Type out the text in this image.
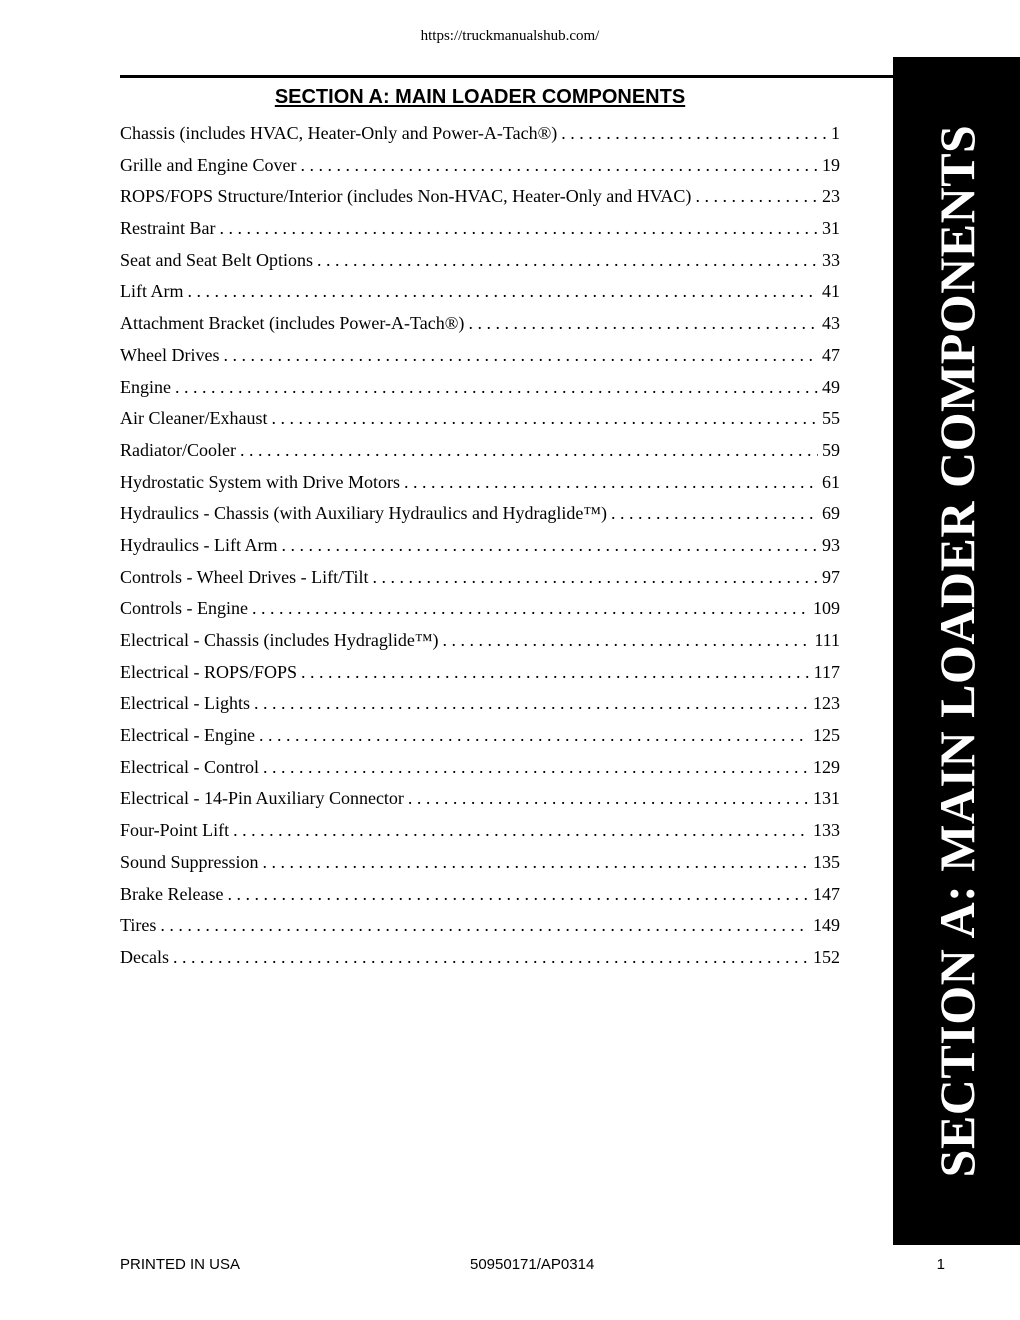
https://truckmanualshub.com/
SECTION A: MAIN LOADER COMPONENTS
Chassis (includes HVAC, Heater-Only and Power-A-Tach®) . . .	1
Grille and Engine Cover . . .	19
ROPS/FOPS Structure/Interior (includes Non-HVAC, Heater-Only and HVAC) . . .	23
Restraint Bar . . .	31
Seat and Seat Belt Options . . .	33
Lift Arm . . .	41
Attachment Bracket (includes Power-A-Tach®) . . .	43
Wheel Drives . . .	47
Engine . . .	49
Air Cleaner/Exhaust . . .	55
Radiator/Cooler . . .	59
Hydrostatic System with Drive Motors . . .	61
Hydraulics - Chassis (with Auxiliary Hydraulics and Hydraglide™) . . .	69
Hydraulics - Lift Arm . . .	93
Controls - Wheel Drives - Lift/Tilt . . .	97
Controls - Engine . . .	109
Electrical - Chassis (includes Hydraglide™) . . .	111
Electrical - ROPS/FOPS . . .	117
Electrical - Lights . . .	123
Electrical - Engine . . .	125
Electrical - Control . . .	129
Electrical - 14-Pin Auxiliary Connector . . .	131
Four-Point Lift . . .	133
Sound Suppression . . .	135
Brake Release . . .	147
Tires . . .	149
Decals . . .	152 SECTION A: MAIN LOADER COMPONENTS
PRINTED IN USA	50950171/AP0314	1
